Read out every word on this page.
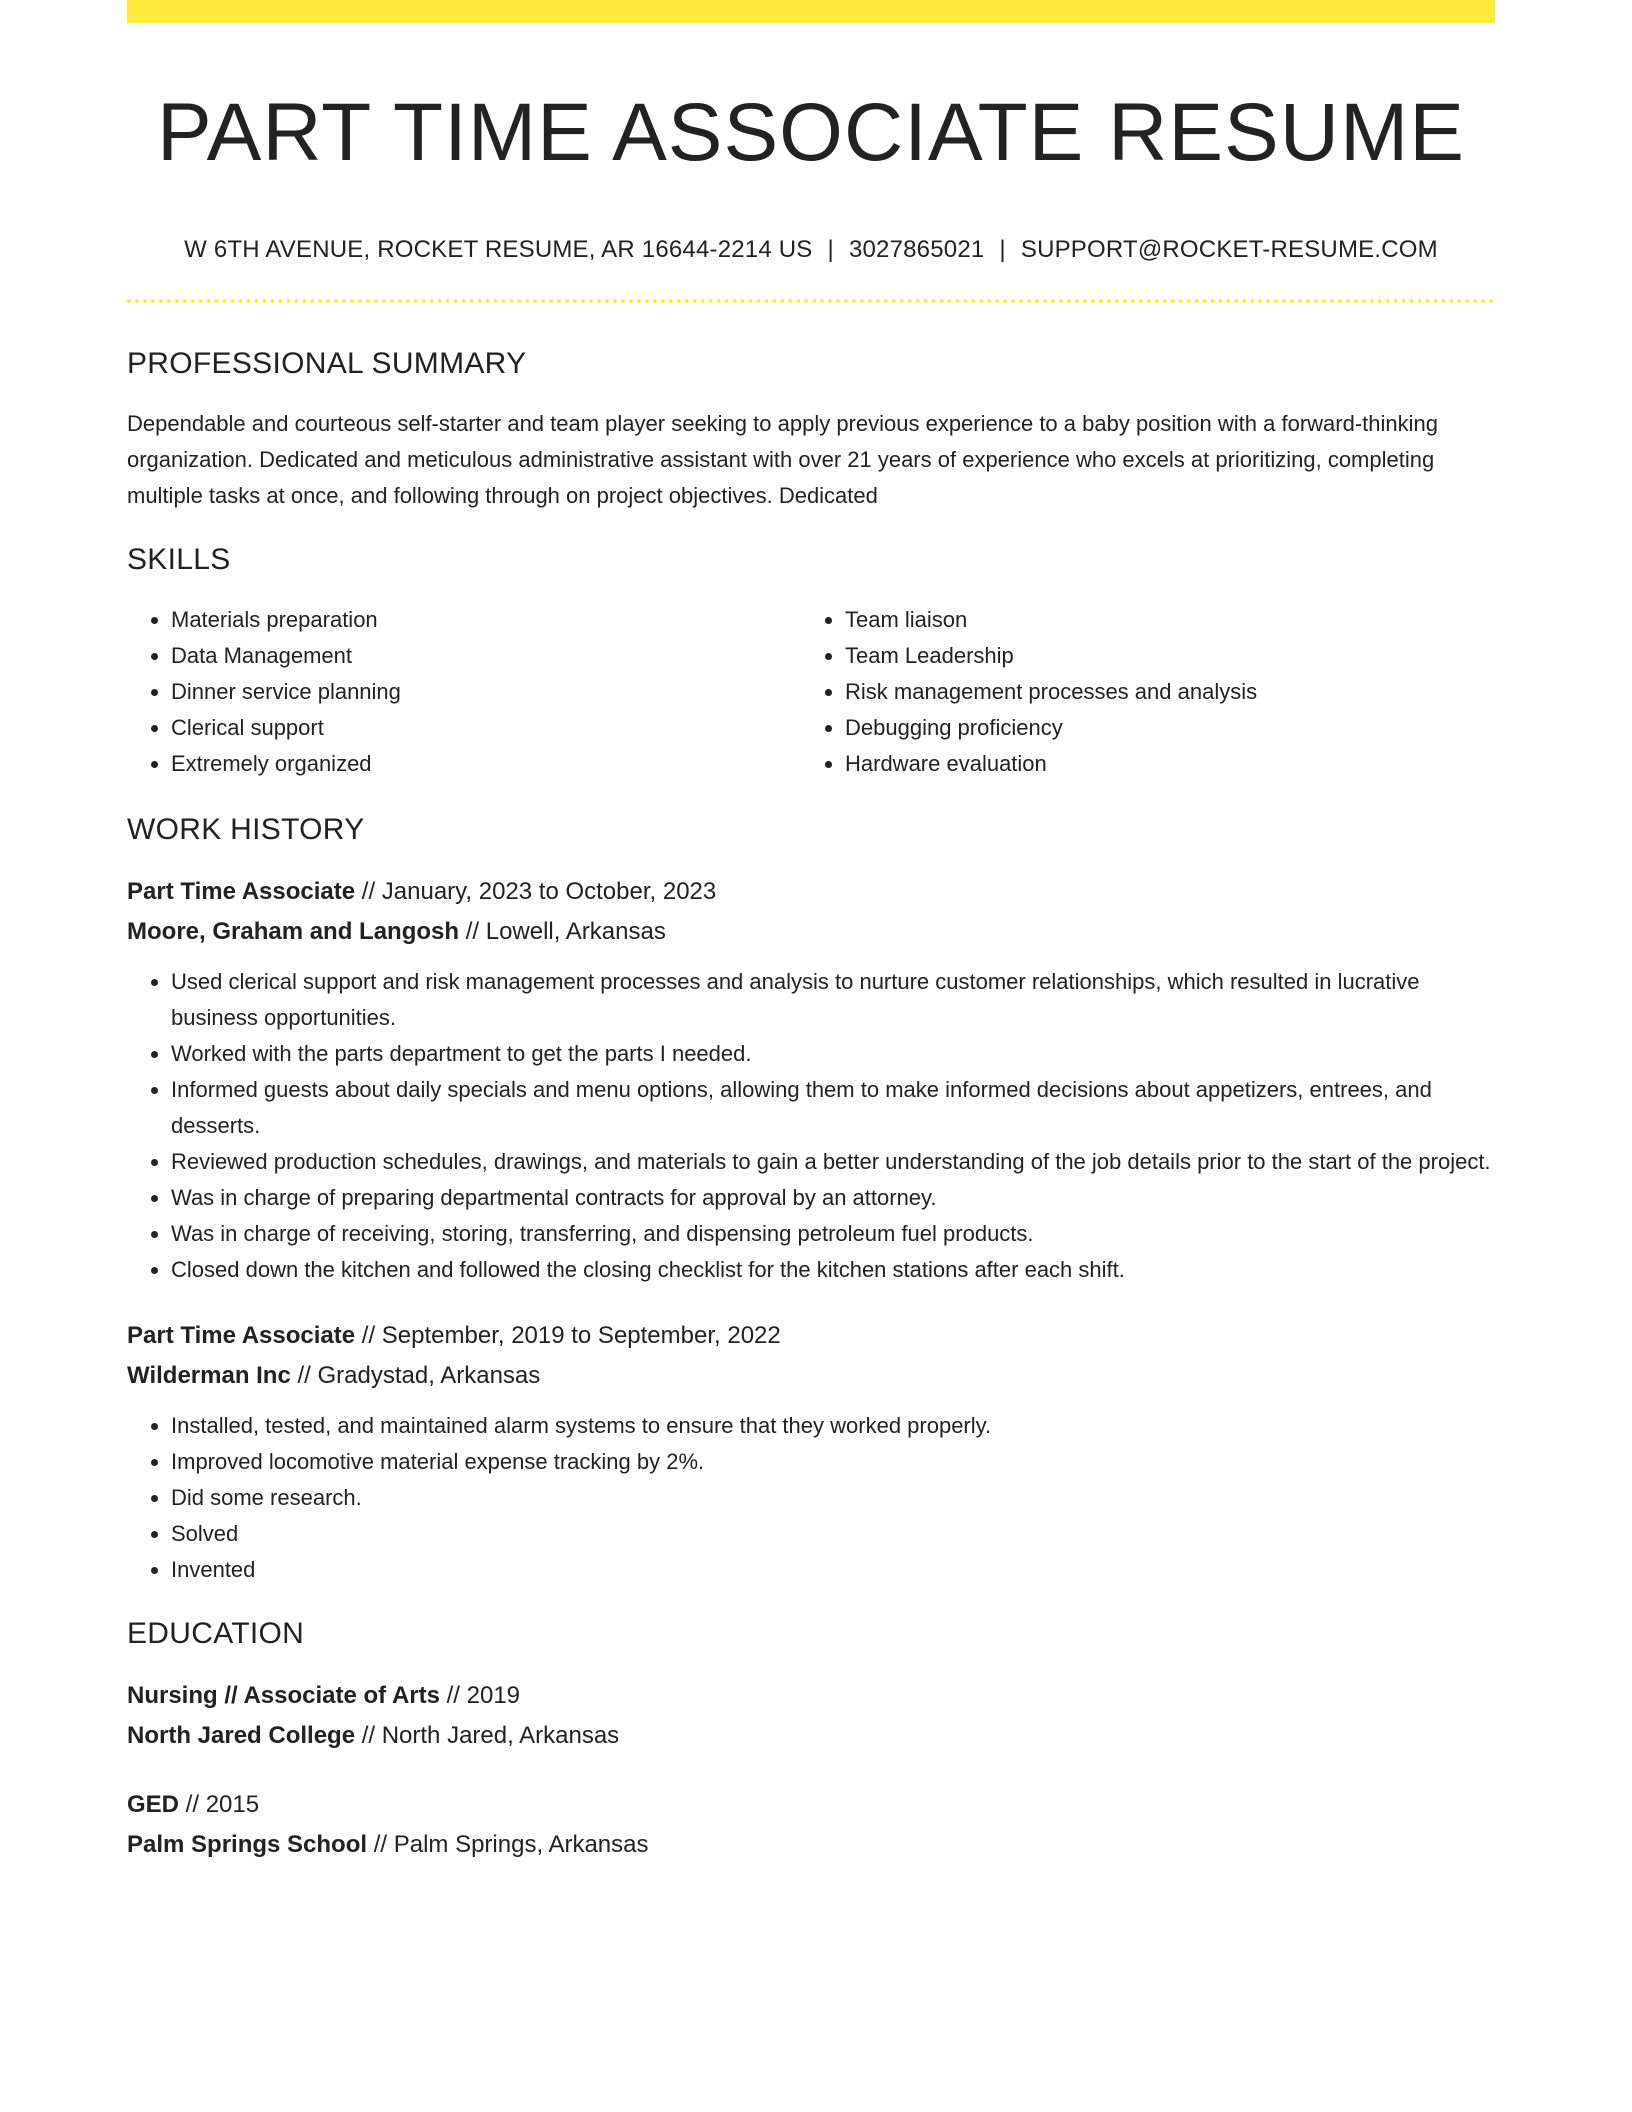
PART TIME ASSOCIATE RESUME
W 6TH AVENUE, ROCKET RESUME, AR 16644-2214 US | 3027865021 | SUPPORT@ROCKET-RESUME.COM
PROFESSIONAL SUMMARY
Dependable and courteous self-starter and team player seeking to apply previous experience to a baby position with a forward-thinking organization. Dedicated and meticulous administrative assistant with over 21 years of experience who excels at prioritizing, completing multiple tasks at once, and following through on project objectives. Dedicated
SKILLS
• Materials preparation
• Data Management
• Dinner service planning
• Clerical support
• Extremely organized
• Team liaison
• Team Leadership
• Risk management processes and analysis
• Debugging proficiency
• Hardware evaluation
WORK HISTORY
Part Time Associate // January, 2023 to October, 2023
Moore, Graham and Langosh // Lowell, Arkansas
• Used clerical support and risk management processes and analysis to nurture customer relationships, which resulted in lucrative business opportunities.
• Worked with the parts department to get the parts I needed.
• Informed guests about daily specials and menu options, allowing them to make informed decisions about appetizers, entrees, and desserts.
• Reviewed production schedules, drawings, and materials to gain a better understanding of the job details prior to the start of the project.
• Was in charge of preparing departmental contracts for approval by an attorney.
• Was in charge of receiving, storing, transferring, and dispensing petroleum fuel products.
• Closed down the kitchen and followed the closing checklist for the kitchen stations after each shift.
Part Time Associate // September, 2019 to September, 2022
Wilderman Inc // Gradystad, Arkansas
• Installed, tested, and maintained alarm systems to ensure that they worked properly.
• Improved locomotive material expense tracking by 2%.
• Did some research.
• Solved
• Invented
EDUCATION
Nursing // Associate of Arts // 2019
North Jared College // North Jared, Arkansas
GED // 2015
Palm Springs School // Palm Springs, Arkansas
